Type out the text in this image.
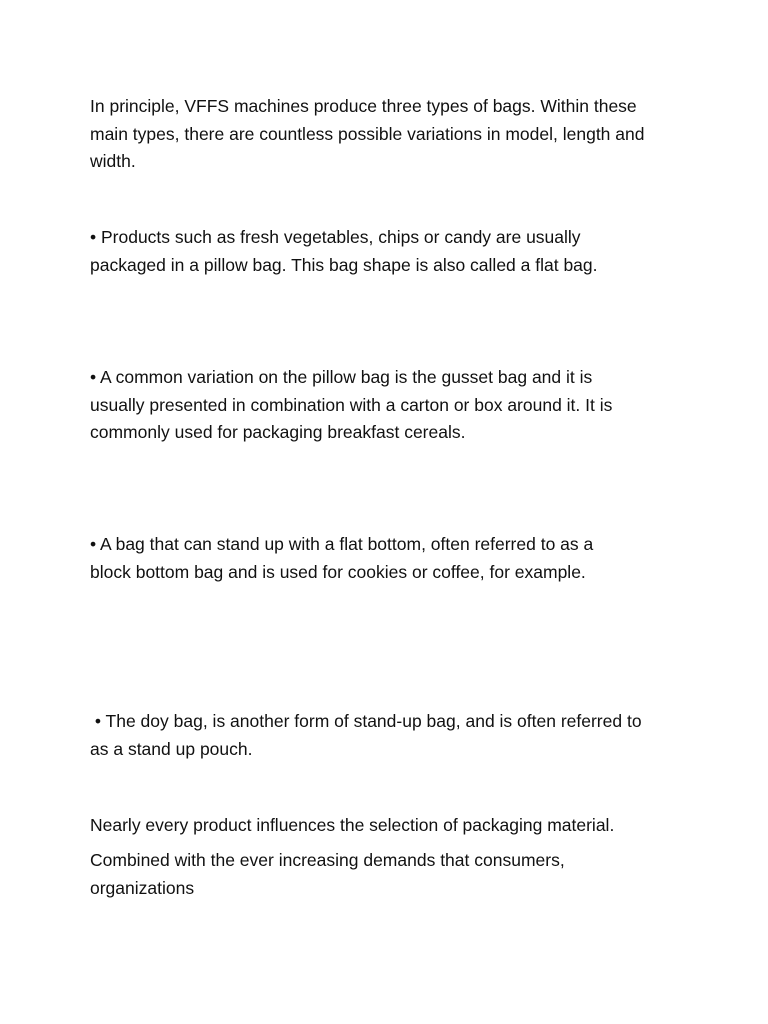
In principle, VFFS machines produce three types of bags. Within these
main types, there are countless possible variations in model, length and
width.

• Products such as fresh vegetables, chips or candy are usually
packaged in a pillow bag. This bag shape is also called a flat bag.

• A common variation on the pillow bag is the gusset bag and it is
usually presented in combination with a carton or box around it. It is
commonly used for packaging breakfast cereals.

• A bag that can stand up with a flat bottom, often referred to as a
block bottom bag and is used for cookies or coffee, for example.

• The doy bag, is another form of stand-up bag, and is often referred to
as a stand up pouch.

Nearly every product influences the selection of packaging material.

Combined with the ever increasing demands that consumers,
organizations
